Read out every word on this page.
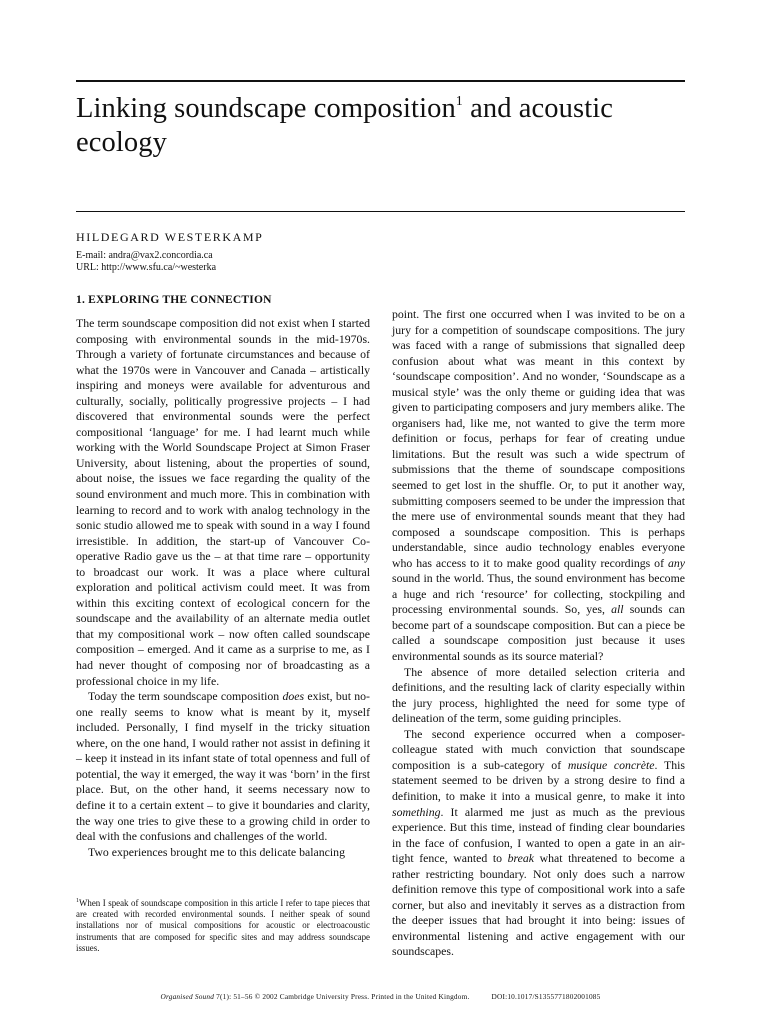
Linking soundscape composition$^1$ and acoustic ecology
HILDEGARD WESTERKAMP
E-mail: andra@vax2.concordia.ca
URL: http://www.sfu.ca/~westerka
1. EXPLORING THE CONNECTION

The term soundscape composition did not exist when I started composing with environmental sounds in the mid-1970s. Through a variety of fortunate circumstances and because of what the 1970s were in Vancouver and Canada – artistically inspiring and moneys were available for adventurous and culturally, socially, politically progressive projects – I had discovered that environmental sounds were the perfect compositional ‘language’ for me. I had learnt much while working with the World Soundscape Project at Simon Fraser University, about listening, about the properties of sound, about noise, the issues we face regarding the quality of the sound environment and much more. This in combination with learning to record and to work with analog technology in the sonic studio allowed me to speak with sound in a way I found irresistible. In addition, the start-up of Vancouver Co-operative Radio gave us the – at that time rare – opportunity to broadcast our work. It was a place where cultural exploration and political activism could meet. It was from within this exciting context of ecological concern for the soundscape and the availability of an alternate media outlet that my compositional work – now often called soundscape composition – emerged. And it came as a surprise to me, as I had never thought of composing nor of broadcasting as a professional choice in my life.

Today the term soundscape composition does exist, but no-one really seems to know what is meant by it, myself included. Personally, I find myself in the tricky situation where, on the one hand, I would rather not assist in defining it – keep it instead in its infant state of total openness and full of potential, the way it emerged, the way it was ‘born’ in the first place. But, on the other hand, it seems necessary now to define it to a certain extent – to give it boundaries and clarity, the way one tries to give these to a growing child in order to deal with the confusions and challenges of the world.

Two experiences brought me to this delicate balancing

point. The first one occurred when I was invited to be on a jury for a competition of soundscape compositions. The jury was faced with a range of submissions that signalled deep confusion about what was meant in this context by ‘soundscape composition’. And no wonder, ‘Soundscape as a musical style’ was the only theme or guiding idea that was given to participating composers and jury members alike. The organisers had, like me, not wanted to give the term more definition or focus, perhaps for fear of creating undue limitations. But the result was such a wide spectrum of submissions that the theme of soundscape compositions seemed to get lost in the shuffle. Or, to put it another way, submitting composers seemed to be under the impression that the mere use of environmental sounds meant that they had composed a soundscape composition. This is perhaps understandable, since audio technology enables everyone who has access to it to make good quality recordings of any sound in the world. Thus, the sound environment has become a huge and rich ‘resource’ for collecting, stockpiling and processing environmental sounds. So, yes, all sounds can become part of a soundscape composition. But can a piece be called a soundscape composition just because it uses environmental sounds as its source material?

The absence of more detailed selection criteria and definitions, and the resulting lack of clarity especially within the jury process, highlighted the need for some type of delineation of the term, some guiding principles.

The second experience occurred when a composer-colleague stated with much conviction that soundscape composition is a sub-category of musique concrète. This statement seemed to be driven by a strong desire to find a definition, to make it into a musical genre, to make it into something. It alarmed me just as much as the previous experience. But this time, instead of finding clear boundaries in the face of confusion, I wanted to open a gate in an air-tight fence, wanted to break what threatened to become a rather restricting boundary. Not only does such a narrow definition remove this type of compositional work into a safe corner, but also and inevitably it serves as a distraction from the deeper issues that had brought it into being: issues of environmental listening and active engagement with our soundscapes.

$^1$When I speak of soundscape composition in this article I refer to tape pieces that are created with recorded environmental sounds. I neither speak of sound installations nor of musical compositions for acoustic or electroacoustic instruments that are composed for specific sites and may address soundscape issues.
Organised Sound 7(1): 51–56 © 2002 Cambridge University Press. Printed in the United Kingdom.	DOI:10.1017/S1355771802001085
